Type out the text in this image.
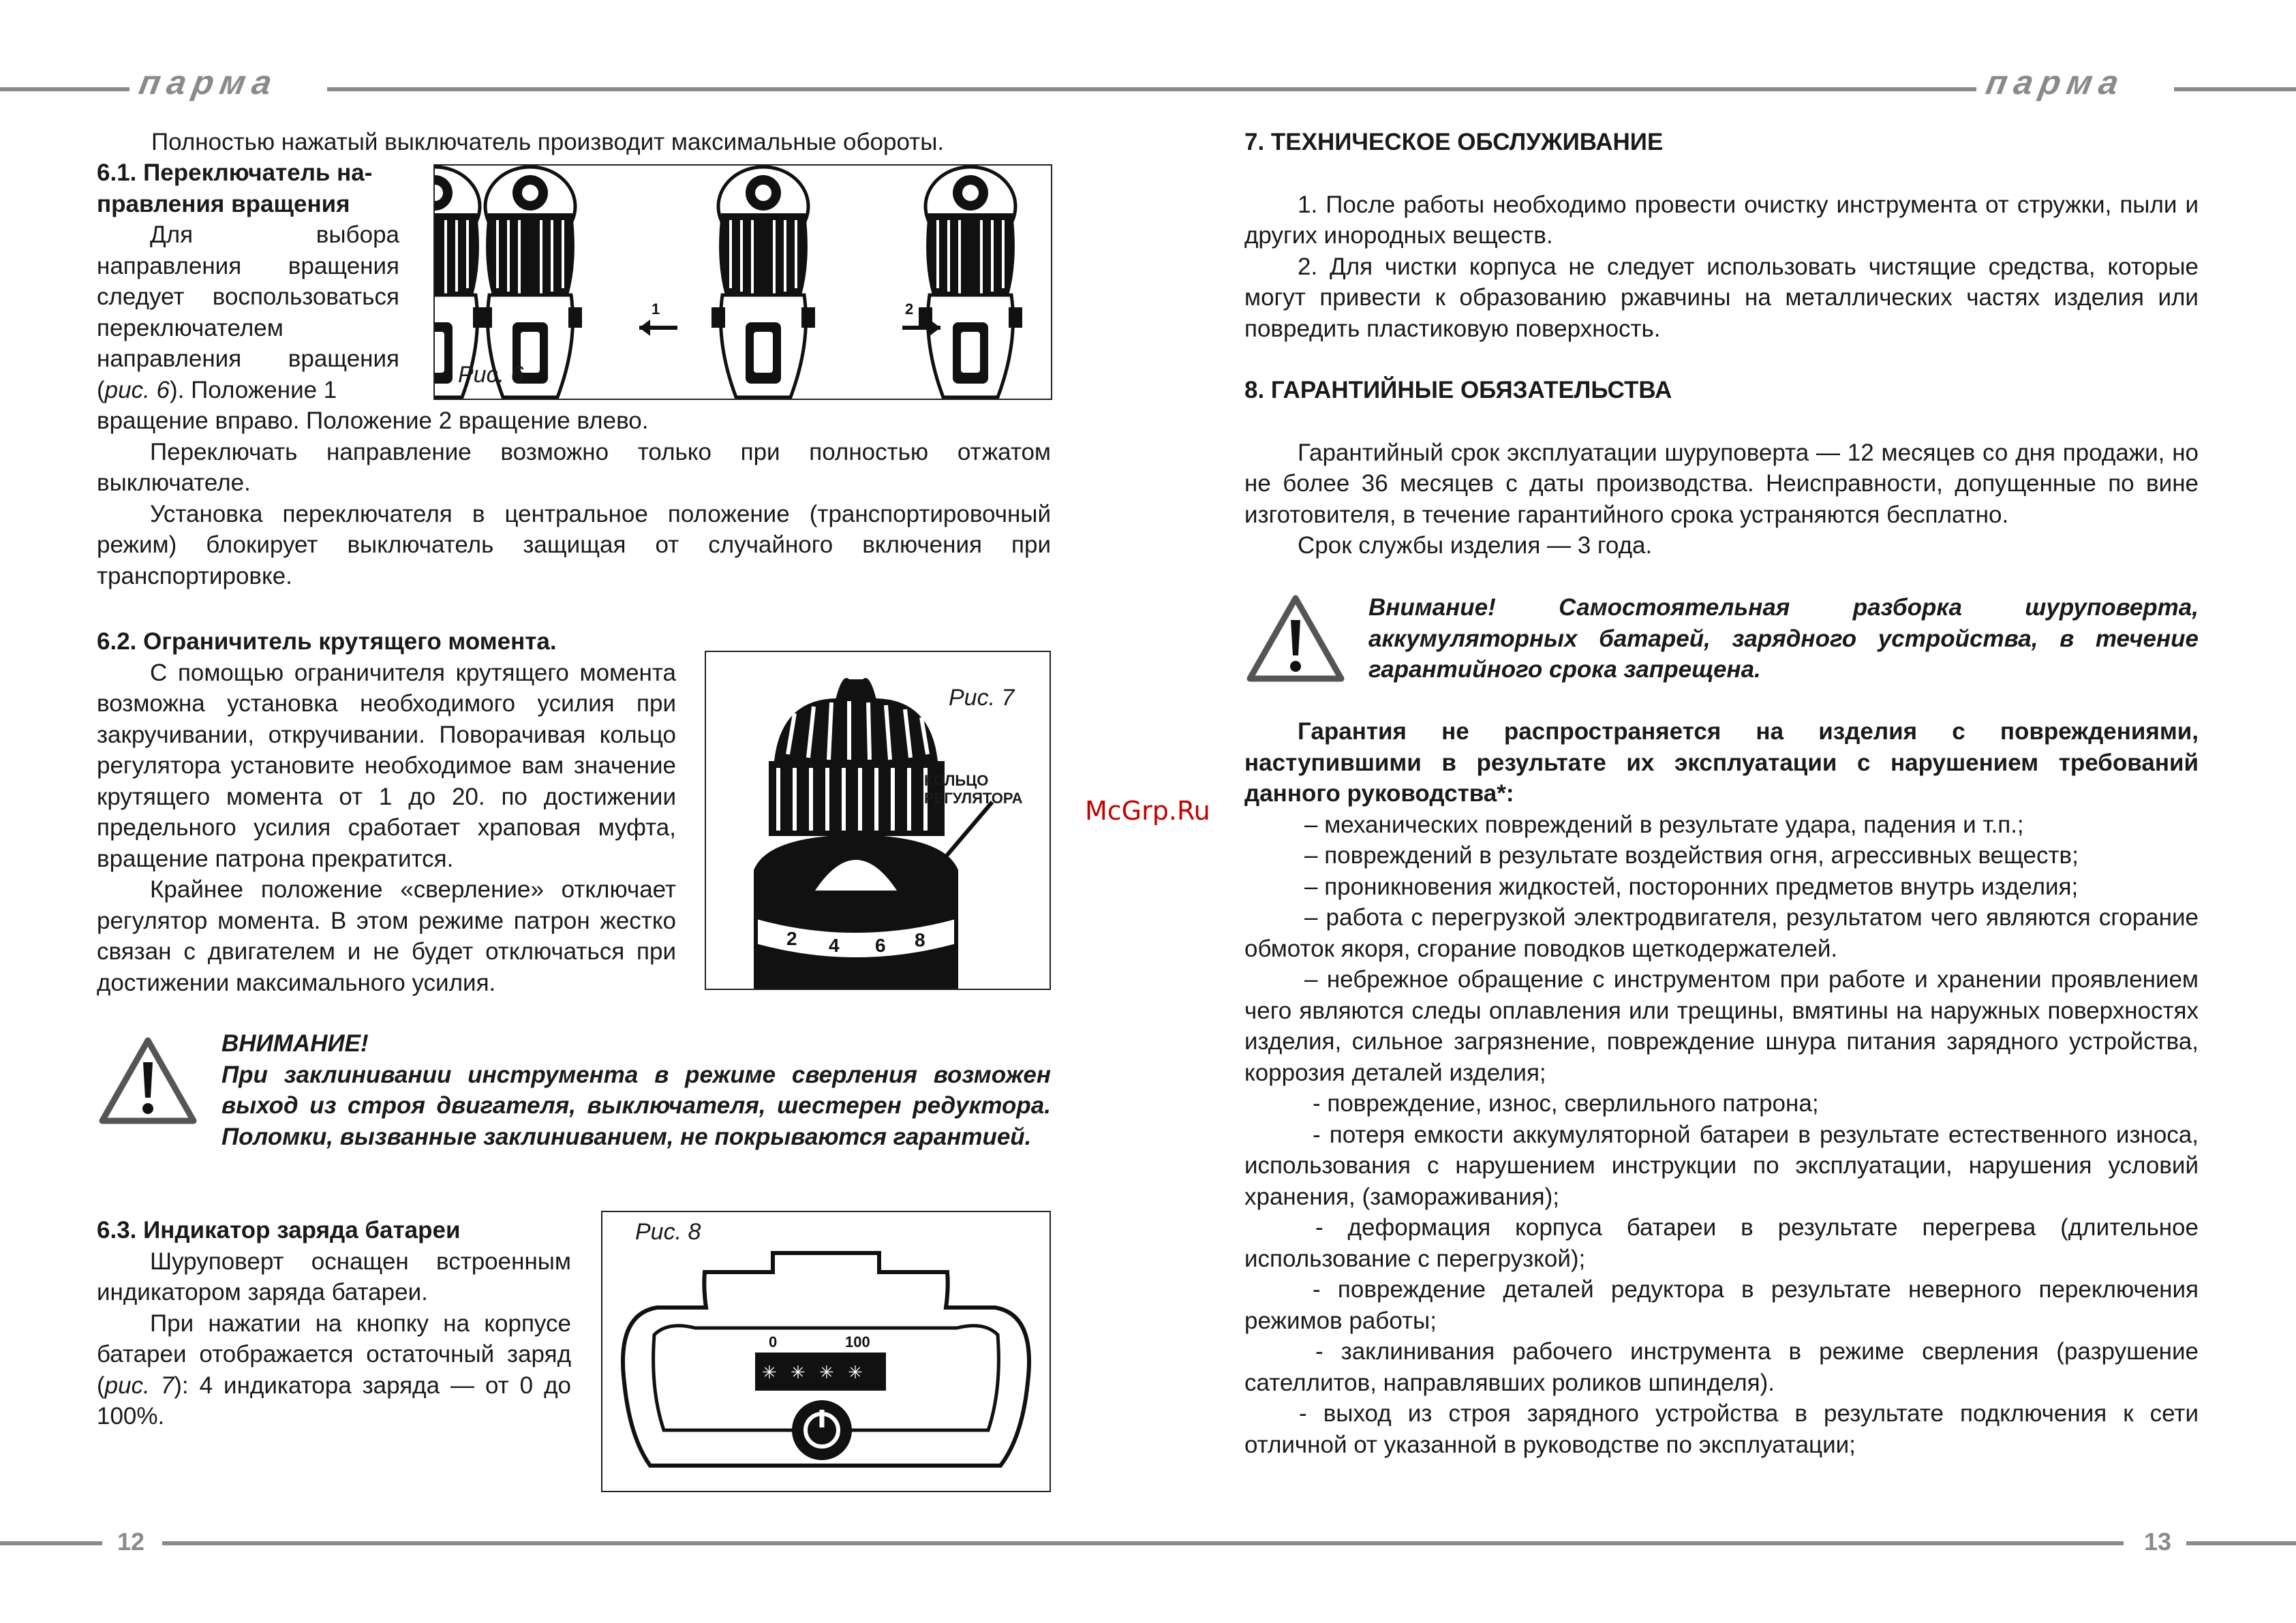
парма	парма
12	13
McGrp.Ru

Полностью нажатый выключатель производит максимальные обороты.

6.1. Переключатель на-
правления вращения

Для выбора направления вращения следует воспользоваться переключателем направления вращения (рис. 6). Положение 1

вращение вправо. Положение 2 вращение влево.

Переключать направление возможно только при полностью отжатом выключателе.

Установка переключателя в центральное положение (транспортировочный режим) блокирует выключатель защищая от случайного включения при транспортировке.

1	2
Рис. 6
6.2. Ограничитель крутящего момента.

С помощью ограничителя крутящего момента возможна установка необходимого усилия при закручивании, откручивании. Поворачивая кольцо регулятора установите необходимое вам значение крутящего момента от 1 до 20. по достижении предельного усилия сработает храповая муфта, вращение патрона прекратится.

Крайнее положение «сверление» отключает регулятор момента. В этом режиме патрон жестко связан с двигателем и не будет отключаться при достижении максимального усилия.

2 4 6 8
Рис. 7
КОЛЬЦО
РЕГУЛЯТОРА
ВНИМАНИЕ!
При заклинивании инструмента в режиме сверления возможен выход из строя двигателя, выключателя, шестерен редуктора. Поломки, вызванные заклиниванием, не покрываются гарантией.
6.3. Индикатор заряда батареи

Шуруповерт оснащен встроенным индикатором заряда батареи.

При нажатии на кнопку на корпусе батареи отображается остаточный заряд (рис. 7): 4 индикатора заряда — от 0 до 100%.

✳ ✳ ✳ ✳
0	100
Рис. 8
7. ТЕХНИЧЕСКОЕ ОБСЛУЖИВАНИЕ

1. После работы необходимо провести очистку инструмента от стружки, пыли и других инородных веществ.

2. Для чистки корпуса не следует использовать чистящие средства, которые могут привести к образованию ржавчины на металлических частях изделия или повредить пластиковую поверхность.

8. ГАРАНТИЙНЫЕ ОБЯЗАТЕЛЬСТВА

Гарантийный срок эксплуатации шуруповерта — 12 месяцев со дня продажи, но не более 36 месяцев с даты производства. Неисправности, допущенные по вине изготовителя, в течение гарантийного срока устраняются бесплатно.

Срок службы изделия — 3 года.

Внимание! Самостоятельная разборка шуруповерта, аккумуляторных батарей, зарядного устройства, в течение гарантийного срока запрещена.

Гарантия не распространяется на изделия с повреждениями, наступившими в результате их эксплуатации с нарушением требований данного руководства*:

– механических повреждений в результате удара, падения и т.п.;
– повреждений в результате воздействия огня, агрессивных веществ;
– проникновения жидкостей, посторонних предметов внутрь изделия;
– работа с перегрузкой электродвигателя, результатом чего являются сгорание обмоток якоря, сгорание поводков щеткодержателей.
– небрежное обращение с инструментом при работе и хранении проявлением чего являются следы оплавления или трещины, вмятины на наружных поверхностях изделия, сильное загрязнение, повреждение шнура питания зарядного устройства, коррозия деталей изделия;
- повреждение, износ, сверлильного патрона;
- потеря емкости аккумуляторной батареи в результате естественного износа, использования с нарушением инструкции по эксплуатации, нарушения условий хранения, (замораживания);
- деформация корпуса батареи в результате перегрева (длительное использование с перегрузкой);
- повреждение деталей редуктора в результате неверного переключения режимов работы;
- заклинивания рабочего инструмента в режиме сверления (разрушение сателлитов, направлявших роликов шпинделя).
- выход из строя зарядного устройства в результате подключения к сети отличной от указанной в руководстве по эксплуатации;
